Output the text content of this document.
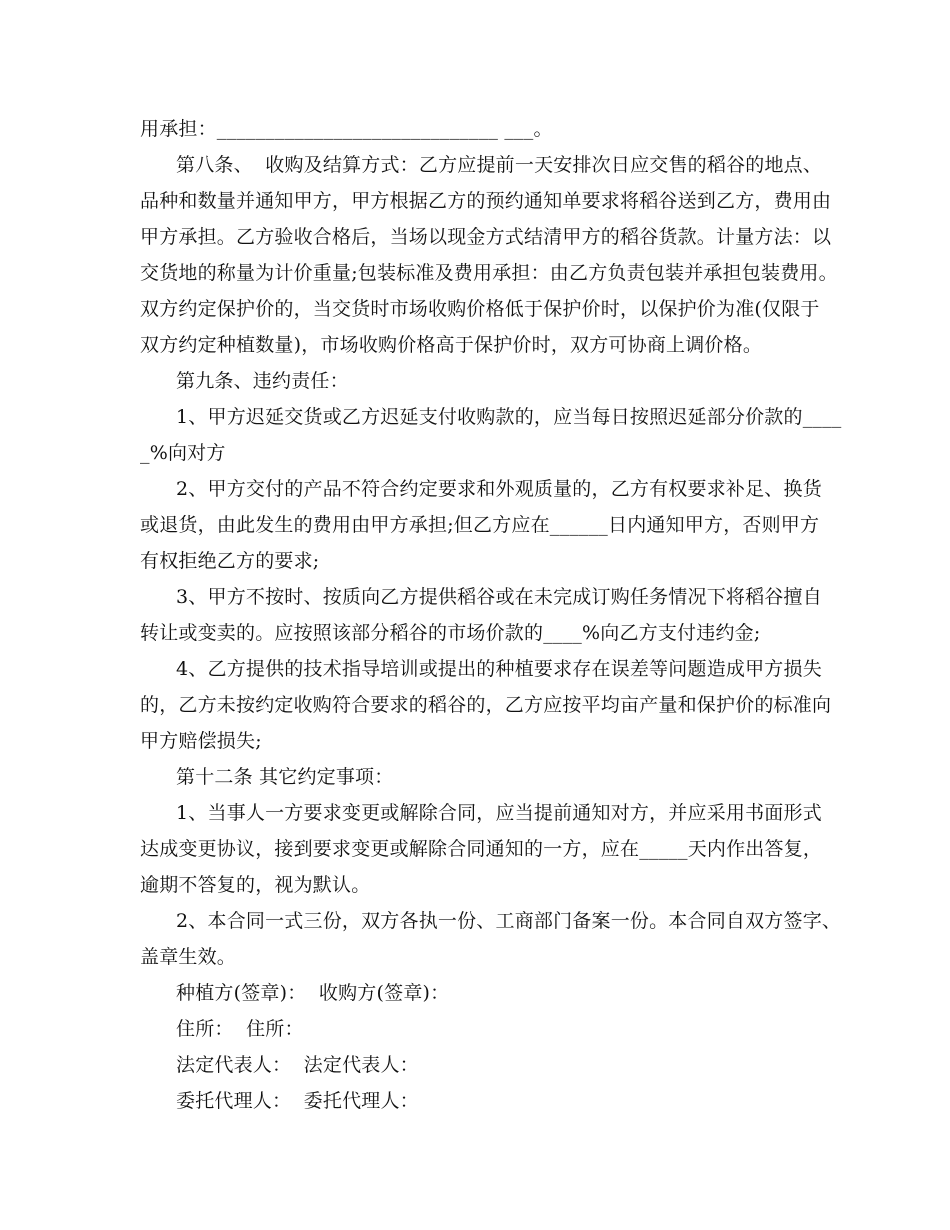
用承担：_____________________________ ___。
第八条、  收购及结算方式：乙方应提前一天安排次日应交售的稻谷的地点、
品种和数量并通知甲方，甲方根据乙方的预约通知单要求将稻谷送到乙方，费用由
甲方承担。乙方验收合格后，当场以现金方式结清甲方的稻谷货款。计量方法：以
交货地的称量为计价重量;包装标准及费用承担：由乙方负责包装并承担包装费用。
双方约定保护价的，当交货时市场收购价格低于保护价时，以保护价为准(仅限于
双方约定种植数量)，市场收购价格高于保护价时，双方可协商上调价格。
第九条、违约责任：
1、甲方迟延交货或乙方迟延支付收购款的，应当每日按照迟延部分价款的____
_%向对方
2、甲方交付的产品不符合约定要求和外观质量的，乙方有权要求补足、换货
或退货，由此发生的费用由甲方承担;但乙方应在______日内通知甲方，否则甲方
有权拒绝乙方的要求;
3、甲方不按时、按质向乙方提供稻谷或在未完成订购任务情况下将稻谷擅自
转让或变卖的。应按照该部分稻谷的市场价款的____%向乙方支付违约金;
4、乙方提供的技术指导培训或提出的种植要求存在误差等问题造成甲方损失
的，乙方未按约定收购符合要求的稻谷的，乙方应按平均亩产量和保护价的标准向
甲方赔偿损失;
第十二条 其它约定事项：
1、当事人一方要求变更或解除合同，应当提前通知对方，并应采用书面形式
达成变更协议，接到要求变更或解除合同通知的一方，应在_____天内作出答复，
逾期不答复的，视为默认。
2、本合同一式三份，双方各执一份、工商部门备案一份。本合同自双方签字、
盖章生效。
种植方(签章)：  收购方(签章)：
住所：  住所：
法定代表人：  法定代表人：
委托代理人：  委托代理人：
